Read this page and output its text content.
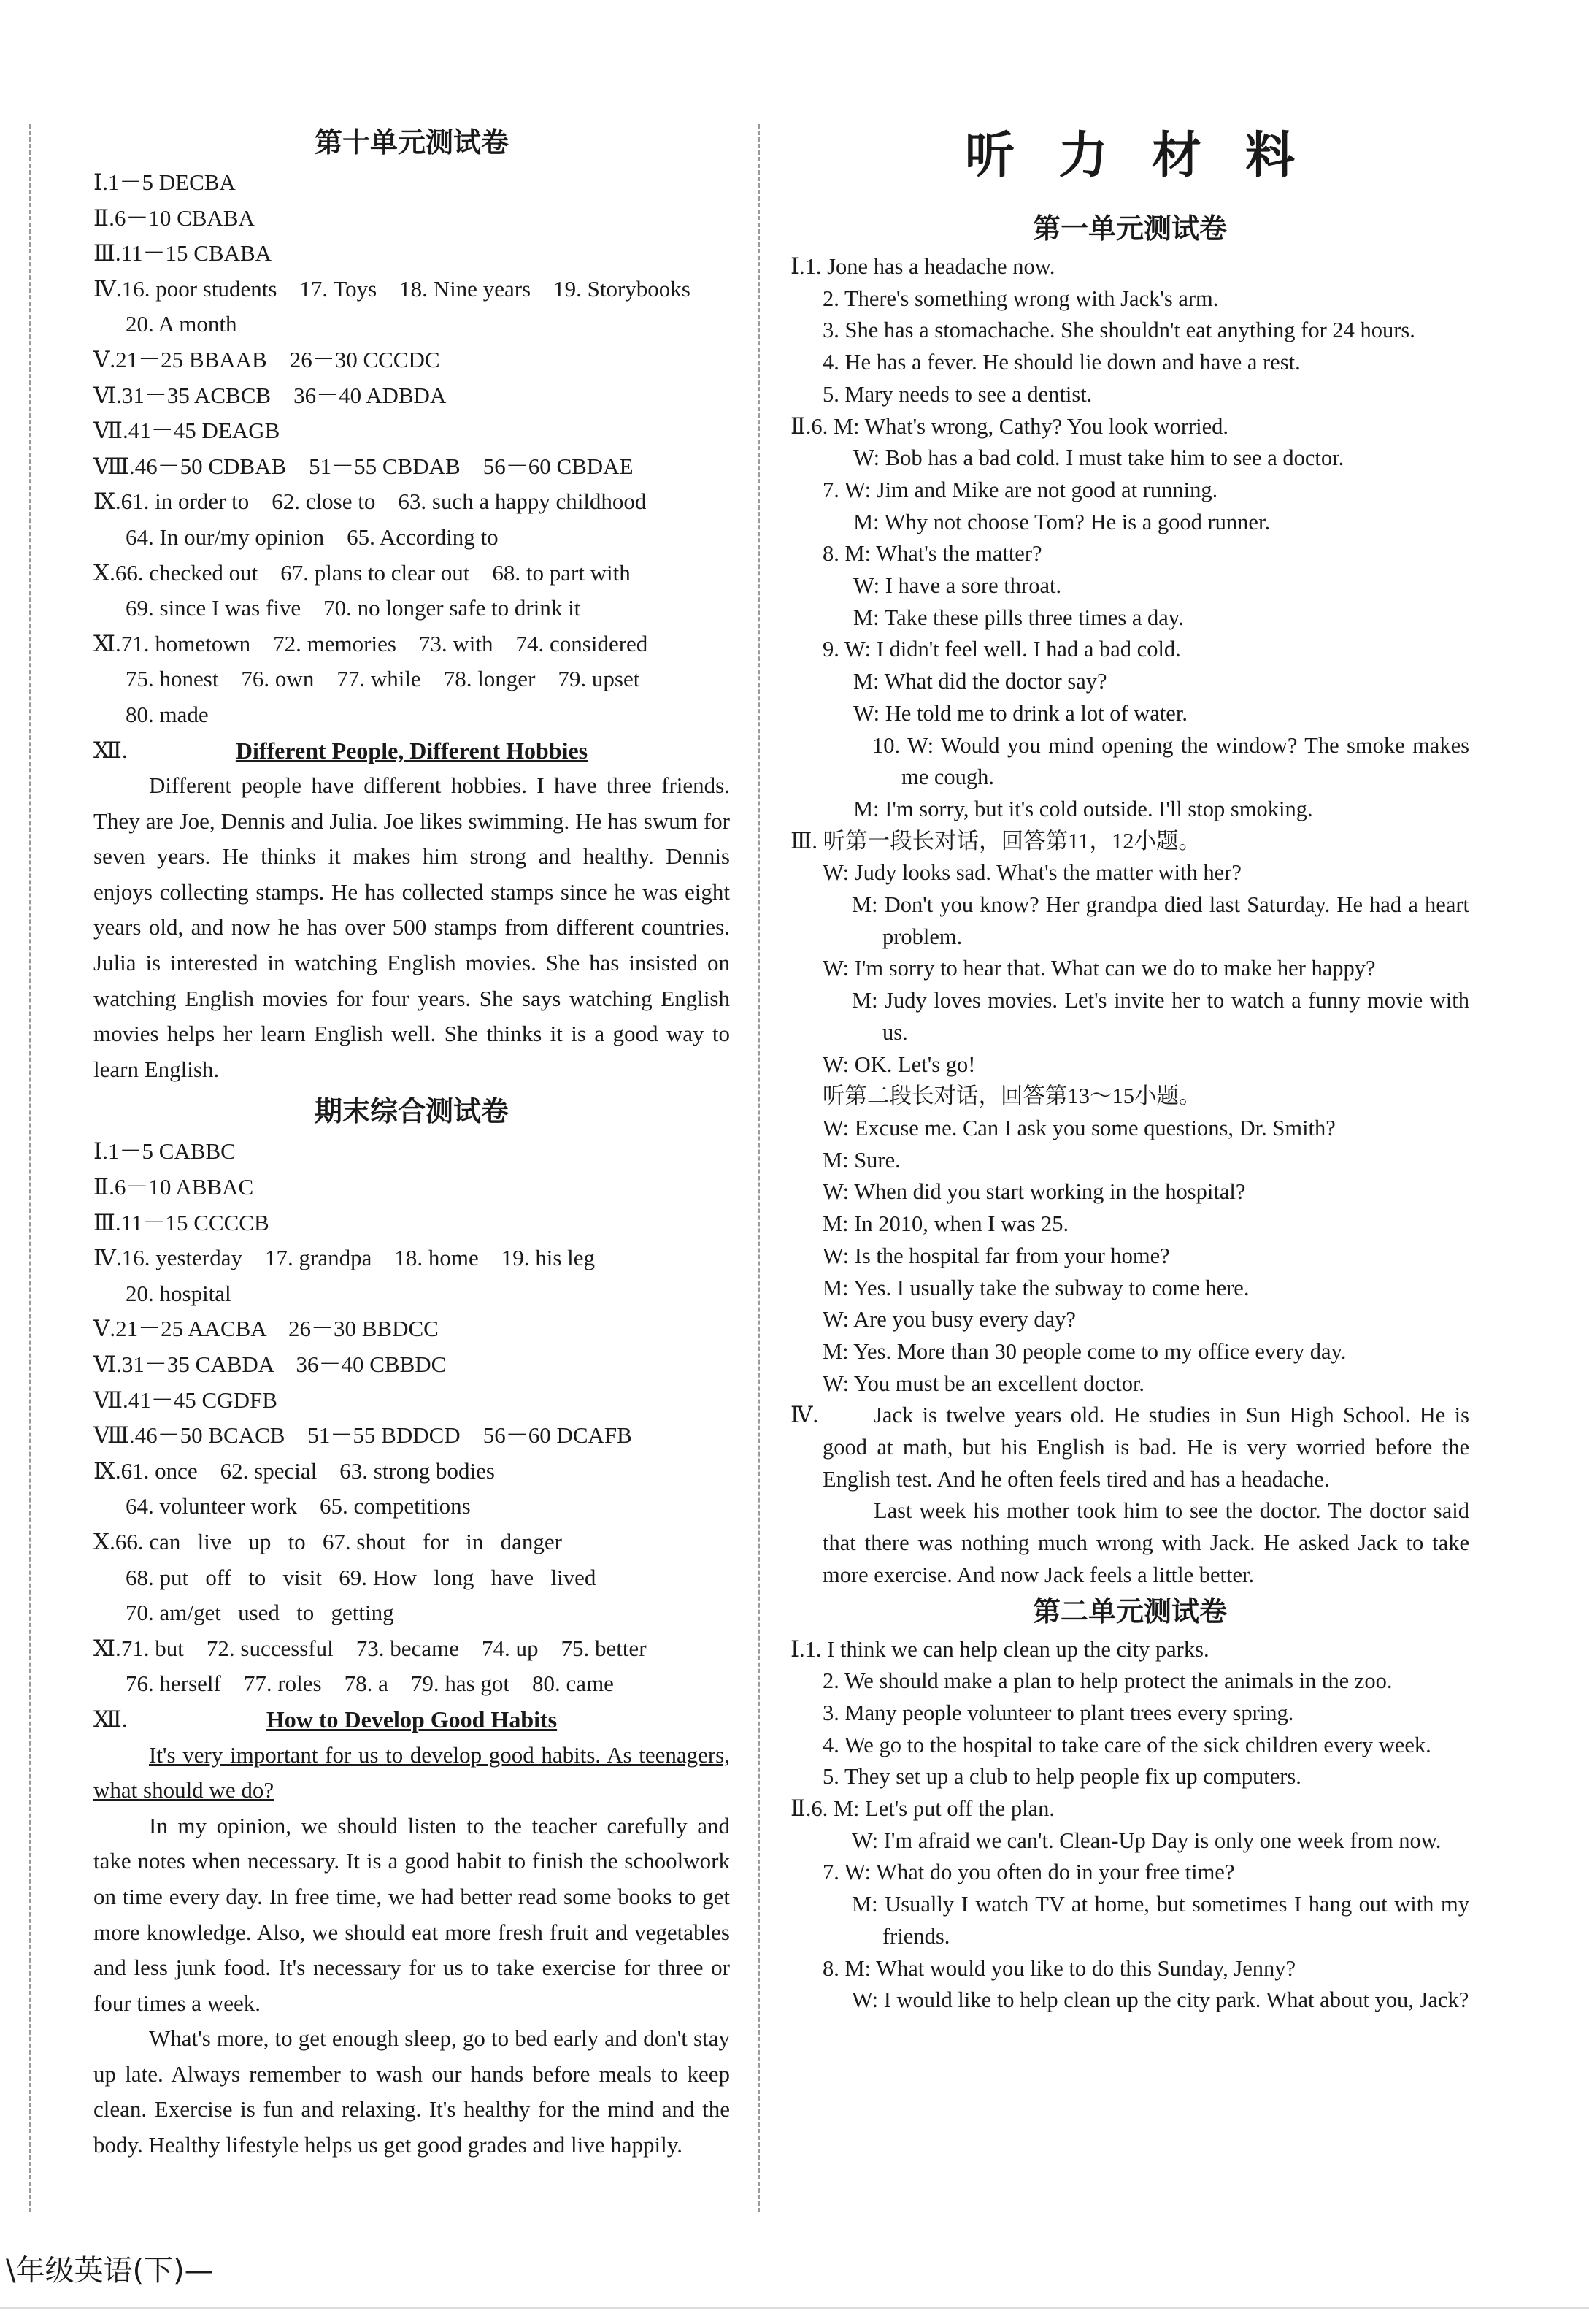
第十单元测试卷
Ⅰ.1－5 DECBA
Ⅱ.6－10 CBABA
Ⅲ.11－15 CBABA
Ⅳ.16. poor students    17. Toys    18. Nine years    19. Storybooks
20. A month
Ⅴ.21－25 BBAAB    26－30 CCCDC
Ⅵ.31－35 ACBCB    36－40 ADBDA
Ⅶ.41－45 DEAGB
Ⅷ.46－50 CDBAB    51－55 CBDAB    56－60 CBDAE
Ⅸ.61. in order to    62. close to    63. such a happy childhood
64. In our/my opinion    65. According to
Ⅹ.66. checked out    67. plans to clear out    68. to part with
69. since I was five    70. no longer safe to drink it
Ⅺ.71. hometown    72. memories    73. with    74. considered
75. honest    76. own    77. while    78. longer    79. upset
80. made
Ⅻ.	Different People, Different Hobbies

Different people have different hobbies. I have three friends. They are Joe, Dennis and Julia. Joe likes swimming. He has swum for seven years. He thinks it makes him strong and healthy. Dennis enjoys collecting stamps. He has collected stamps since he was eight years old, and now he has over 500 stamps from different countries. Julia is interested in watching English movies. She has insisted on watching English movies for four years. She says watching English movies helps her learn English well. She thinks it is a good way to learn English.

期末综合测试卷
Ⅰ.1－5 CABBC
Ⅱ.6－10 ABBAC
Ⅲ.11－15 CCCCB
Ⅳ.16. yesterday    17. grandpa    18. home    19. his leg
20. hospital
Ⅴ.21－25 AACBA    26－30 BBDCC
Ⅵ.31－35 CABDA    36－40 CBBDC
Ⅶ.41－45 CGDFB
Ⅷ.46－50 BCACB    51－55 BDDCD    56－60 DCAFB
Ⅸ.61. once    62. special    63. strong bodies
64. volunteer work    65. competitions
Ⅹ.66. can   live   up   to   67. shout   for   in   danger
68. put   off   to   visit   69. How   long   have   lived
70. am/get   used   to   getting
Ⅺ.71. but    72. successful    73. became    74. up    75. better
76. herself    77. roles    78. a    79. has got    80. came
Ⅻ.	How to Develop Good Habits

It's very important for us to develop good habits. As teenagers, what should we do?

In my opinion, we should listen to the teacher carefully and take notes when necessary. It is a good habit to finish the schoolwork on time every day. In free time, we had better read some books to get more knowledge. Also, we should eat more fresh fruit and vegetables and less junk food. It's necessary for us to take exercise for three or four times a week.

What's more, to get enough sleep, go to bed early and don't stay up late. Always remember to wash our hands before meals to keep clean. Exercise is fun and relaxing. It's healthy for the mind and the body. Healthy lifestyle helps us get good grades and live happily.

听力材料
第一单元测试卷
Ⅰ.1. Jone has a headache now.
2. There's something wrong with Jack's arm.
3. She has a stomachache. She shouldn't eat anything for 24 hours.
4. He has a fever. He should lie down and have a rest.
5. Mary needs to see a dentist.
Ⅱ.6. M: What's wrong, Cathy? You look worried.
W: Bob has a bad cold. I must take him to see a doctor.
7. W: Jim and Mike are not good at running.
M: Why not choose Tom? He is a good runner.
8. M: What's the matter?
W: I have a sore throat.
M: Take these pills three times a day.
9. W: I didn't feel well. I had a bad cold.
M: What did the doctor say?
W: He told me to drink a lot of water.
10. W: Would you mind opening the window? The smoke makes me cough.
M: I'm sorry, but it's cold outside. I'll stop smoking.
Ⅲ. 听第一段长对话，回答第11，12小题。
W: Judy looks sad. What's the matter with her?
M: Don't you know? Her grandpa died last Saturday. He had a heart problem.
W: I'm sorry to hear that. What can we do to make her happy?
M: Judy loves movies. Let's invite her to watch a funny movie with us.
W: OK. Let's go!
听第二段长对话，回答第13～15小题。
W: Excuse me. Can I ask you some questions, Dr. Smith?
M: Sure.
W: When did you start working in the hospital?
M: In 2010, when I was 25.
W: Is the hospital far from your home?
M: Yes. I usually take the subway to come here.
W: Are you busy every day?
M: Yes. More than 30 people come to my office every day.
W: You must be an excellent doctor.
Ⅳ.	Jack is twelve years old. He studies in Sun High School. He is good at math, but his English is bad. He is very worried before the English test. And he often feels tired and has a headache.
Last week his mother took him to see the doctor. The doctor said that there was nothing much wrong with Jack. He asked Jack to take more exercise. And now Jack feels a little better.
第二单元测试卷
Ⅰ.1. I think we can help clean up the city parks.
2. We should make a plan to help protect the animals in the zoo.
3. Many people volunteer to plant trees every spring.
4. We go to the hospital to take care of the sick children every week.
5. They set up a club to help people fix up computers.
Ⅱ.6. M: Let's put off the plan.
W: I'm afraid we can't. Clean-Up Day is only one week from now.
7. W: What do you often do in your free time?
M: Usually I watch TV at home, but sometimes I hang out with my friends.
8. M: What would you like to do this Sunday, Jenny?
W: I would like to help clean up the city park. What about you, Jack?
\年级英语(下)—
